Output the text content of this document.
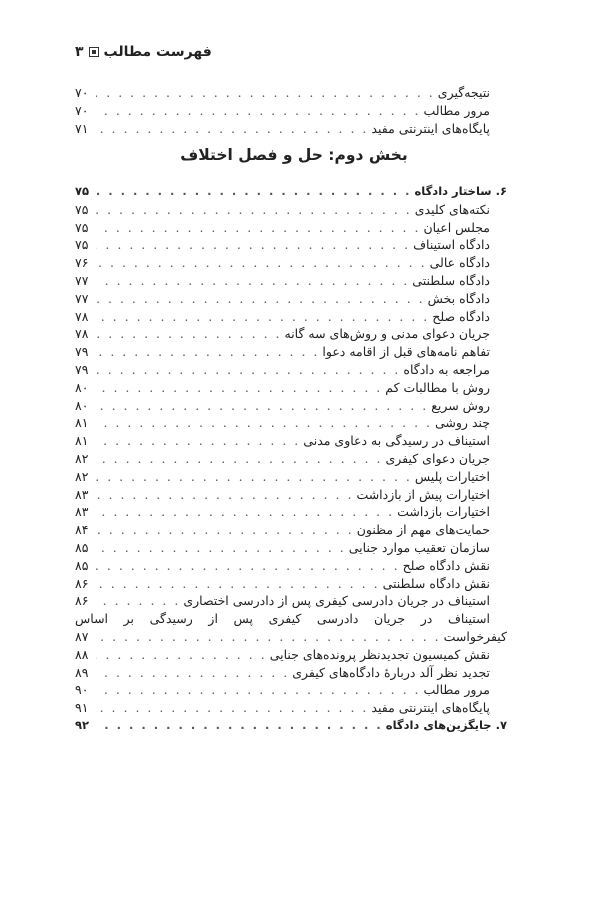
فهرست مطالب۳
نتیجه‌گیری
. . .
۷۰
مرور مطالب
. . .
۷۰
پایگاه‌های اینترنتی مفید
. . .
۷۱
بخش دوم: حل و فصل اختلاف
۶. ساختار دادگاه
. . .
۷۵
نکته‌های کلیدی
. . .
۷۵
مجلس اعیان
. . .
۷۵
دادگاه استیناف
. . .
۷۵
دادگاه عالی
. . .
۷۶
دادگاه سلطنتی
. . .
۷۷
دادگاه بخش
. . .
۷۷
دادگاه صلح
. . .
۷۸
جریان دعوای مدنی و روش‌های سه گانه
. . .
۷۸
تفاهم نامه‌های قبل از اقامه دعوا
. . .
۷۹
مراجعه به دادگاه
. . .
۷۹
روش با مطالبات کم
. . .
۸۰
روش سریع
. . .
۸۰
چند روشی
. . .
۸۱
استیناف در رسیدگی به دعاوی مدنی
. . .
۸۱
جریان دعوای کیفری
. . .
۸۲
اختیارات پلیس
. . .
۸۲
اختیارات پیش از بازداشت
. . .
۸۳
اختیارات بازداشت
. . .
۸۳
حمایت‌های مهم از مظنون
. . .
۸۴
سازمان تعقیب موارد جنایی
. . .
۸۵
نقش دادگاه صلح
. . .
۸۵
نقش دادگاه سلطنتی
. . .
۸۶
استیناف در جریان دادرسی کیفری پس از دادرسی اختصاری
. . .
۸۶
استیناف در جریان دادرسی کیفری پس از رسیدگی بر اساس
کیفرخواست
. . .
۸۷
نقش کمیسیون تجدیدنظر پرونده‌های جنایی
. . .
۸۸
تجدید نظر آلد دربارهٔ دادگاه‌های کیفری
. . .
۸۹
مرور مطالب
. . .
۹۰
پایگاه‌های اینترنتی مفید
. . .
۹۱
۷. جایگزین‌های دادگاه
. . .
۹۲
